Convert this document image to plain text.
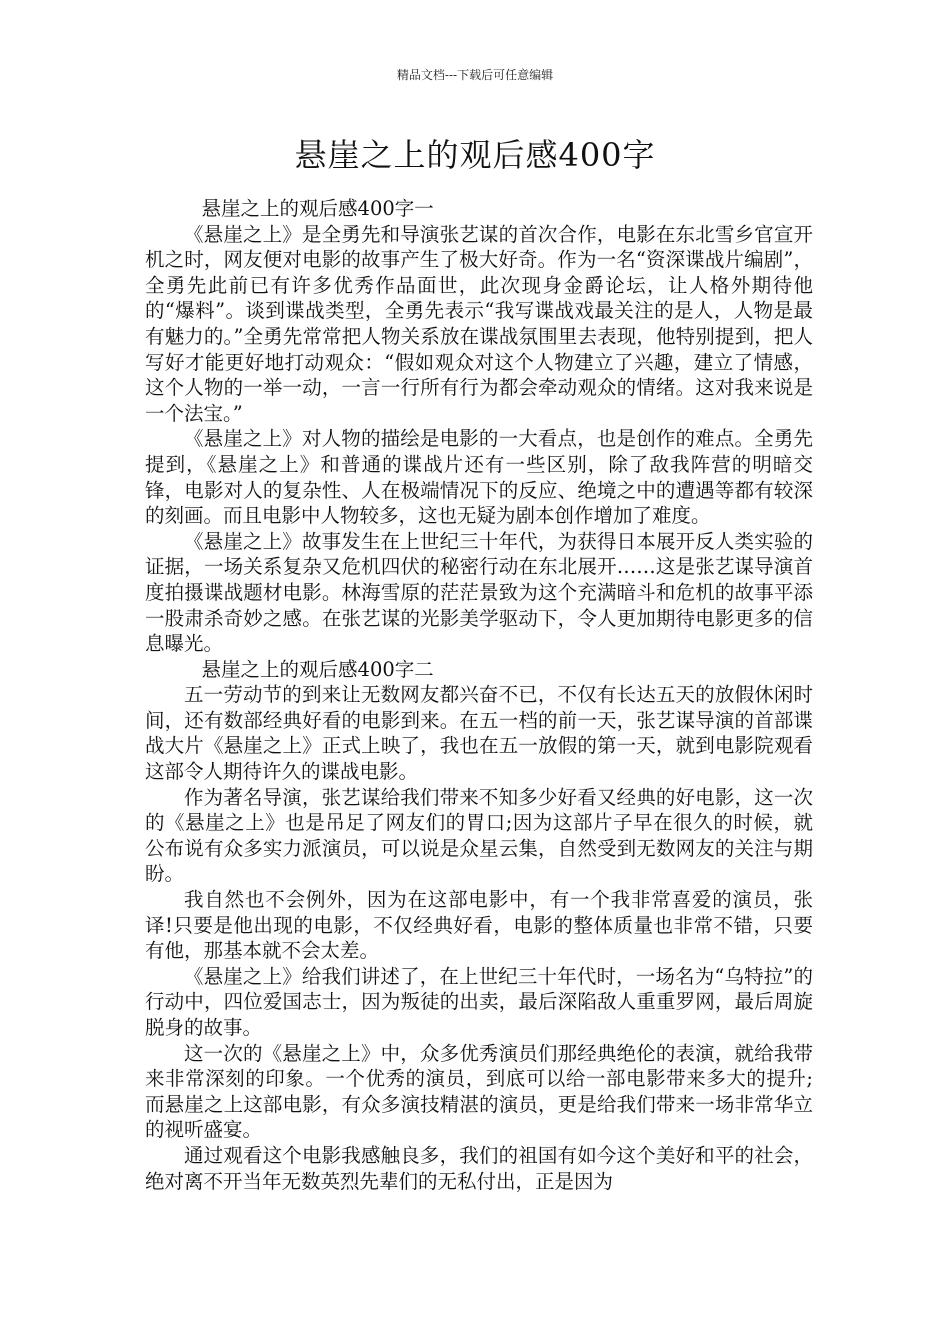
精品文档---下载后可任意编辑
悬崖之上的观后感400字

悬崖之上的观后感400字一

《悬崖之上》是全勇先和导演张艺谋的首次合作，电影在东北雪乡官宣开机之时，网友便对电影的故事产生了极大好奇。作为一名“资深谍战片编剧”，全勇先此前已有许多优秀作品面世，此次现身金爵论坛，让人格外期待他的“爆料”。谈到谍战类型，全勇先表示“我写谍战戏最关注的是人，人物是最有魅力的。”全勇先常常把人物关系放在谍战氛围里去表现，他特别提到，把人写好才能更好地打动观众：“假如观众对这个人物建立了兴趣，建立了情感，这个人物的一举一动，一言一行所有行为都会牵动观众的情绪。这对我来说是一个法宝。”

《悬崖之上》对人物的描绘是电影的一大看点，也是创作的难点。全勇先提到，《悬崖之上》和普通的谍战片还有一些区别，除了敌我阵营的明暗交锋，电影对人的复杂性、人在极端情况下的反应、绝境之中的遭遇等都有较深的刻画。而且电影中人物较多，这也无疑为剧本创作增加了难度。

《悬崖之上》故事发生在上世纪三十年代，为获得日本展开反人类实验的证据，一场关系复杂又危机四伏的秘密行动在东北展开……这是张艺谋导演首度拍摄谍战题材电影。林海雪原的茫茫景致为这个充满暗斗和危机的故事平添一股肃杀奇妙之感。在张艺谋的光影美学驱动下，令人更加期待电影更多的信息曝光。

悬崖之上的观后感400字二

五一劳动节的到来让无数网友都兴奋不已，不仅有长达五天的放假休闲时间，还有数部经典好看的电影到来。在五一档的前一天，张艺谋导演的首部谍战大片《悬崖之上》正式上映了，我也在五一放假的第一天，就到电影院观看这部令人期待许久的谍战电影。

作为著名导演，张艺谋给我们带来不知多少好看又经典的好电影，这一次的《悬崖之上》也是吊足了网友们的胃口;因为这部片子早在很久的时候，就公布说有众多实力派演员，可以说是众星云集，自然受到无数网友的关注与期盼。

我自然也不会例外，因为在这部电影中，有一个我非常喜爱的演员，张译!只要是他出现的电影，不仅经典好看，电影的整体质量也非常不错，只要有他，那基本就不会太差。

《悬崖之上》给我们讲述了，在上世纪三十年代时，一场名为“乌特拉”的行动中，四位爱国志士，因为叛徒的出卖，最后深陷敌人重重罗网，最后周旋脱身的故事。

这一次的《悬崖之上》中，众多优秀演员们那经典绝伦的表演，就给我带来非常深刻的印象。一个优秀的演员，到底可以给一部电影带来多大的提升;而悬崖之上这部电影，有众多演技精湛的演员，更是给我们带来一场非常华立的视听盛宴。

通过观看这个电影我感触良多，我们的祖国有如今这个美好和平的社会，绝对离不开当年无数英烈先辈们的无私付出，正是因为
